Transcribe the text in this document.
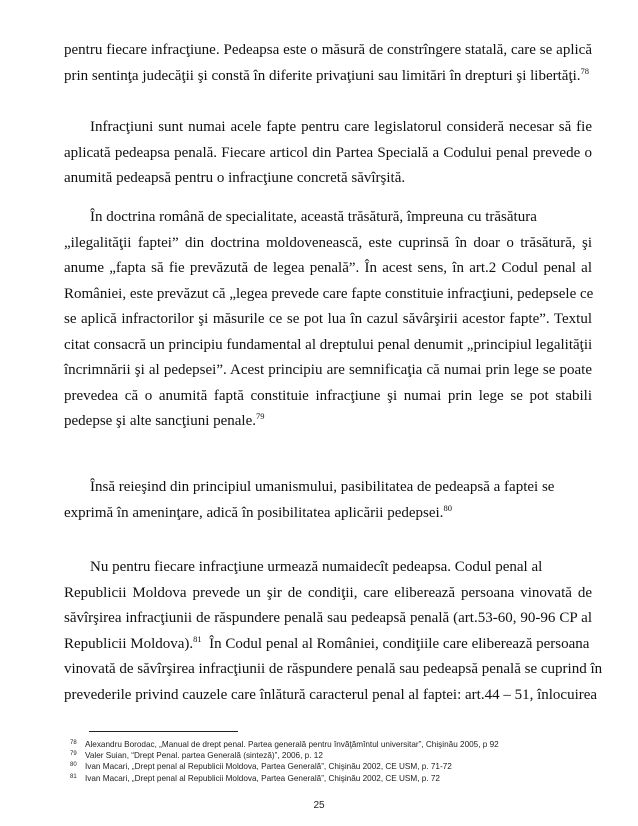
pentru fiecare infracţiune. Pedeapsa este o măsură de constrîngere statală, care se aplică
prin sentinţa judecăţii şi constă în diferite privaţiuni sau limitări în drepturi şi libertăţi.$^{78}$
Infracţiuni sunt numai acele fapte pentru care legislatorul consideră necesar să fie
aplicată pedeapsa penală. Fiecare articol din Partea Specială a Codului penal prevede o
anumită pedeapsă pentru o infracţiune concretă săvîrşită.
În doctrina română de specialitate, această trăsătură, împreuna cu trăsătura
„ilegalităţii faptei” din doctrina moldovenească, este cuprinsă în doar o trăsătură, şi
anume „fapta să fie prevăzută de legea penală”. În acest sens, în art.2 Codul penal al
României, este prevăzut că „legea prevede care fapte constituie infracţiuni, pedepsele ce
se aplică infractorilor şi măsurile ce se pot lua în cazul săvârşirii acestor fapte”. Textul
citat consacră un principiu fundamental al dreptului penal denumit „principiul legalităţii
încrimnării şi al pedepsei”. Acest principiu are semnificaţia că numai prin lege se poate
prevedea că o anumită faptă constituie infracţiune şi numai prin lege se pot stabili
pedepse şi alte sancţiuni penale.$^{79}$
Însă reieşind din principiul umanismului, pasibilitatea de pedeapsă a faptei se
exprimă în ameninţare, adică în posibilitatea aplicării pedepsei.$^{80}$
Nu pentru fiecare infracţiune urmează numaidecît pedeapsa. Codul penal al
Republicii Moldova prevede un şir de condiţii, care eliberează persoana vinovată de
săvîrşirea infracţiunii de răspundere penală sau pedeapsă penală (art.53-60, 90-96 CP al
Republicii Moldova).$^{81}$  În Codul penal al României, condiţiile care eliberează persoana
vinovată de săvîrşirea infracţiunii de răspundere penală sau pedeapsă penală se cuprind în
prevederile privind cauzele care înlătură caracterul penal al faptei: art.44 – 51, înlocuirea
78 Alexandru Borodac, „Manual de drept penal. Partea generală pentru învăţămîntul universitar”, Chişinău 2005, p 92
79 Valer Suian, “Drept Penal. partea Generală (sinteză)”, 2006, p. 12
80 Ivan Macari, „Drept penal al Republicii Moldova, Partea Generală”, Chişinău 2002, CE USM, p. 71-72
81 Ivan Macari, „Drept penal al Republicii Moldova, Partea Generală”, Chişinău 2002, CE USM, p. 72
25
